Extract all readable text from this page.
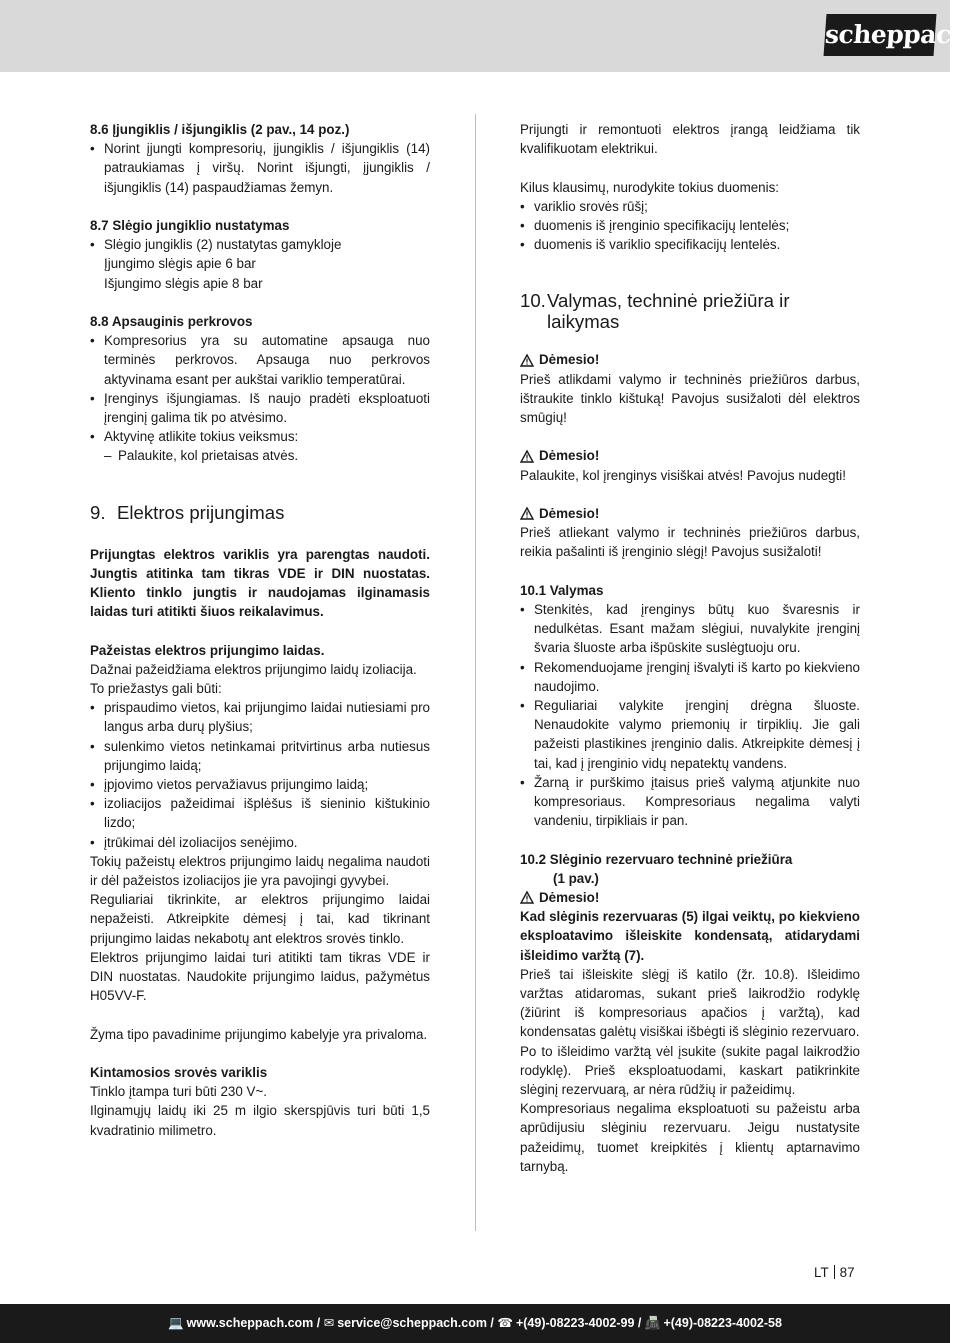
scheppach
8.6 Įjungiklis / išjungiklis (2 pav., 14 poz.)
• Norint įjungti kompresorių, įjungiklis / išjungiklis (14) patraukiamas į viršų. Norint išjungti, įjungiklis / išjungiklis (14) paspaudžiamas žemyn.
8.7 Slėgio jungiklio nustatymas
• Slėgio jungiklis (2) nustatytas gamykloje
Įjungimo slėgis apie 6 bar
Išjungimo slėgis apie 8 bar
8.8 Apsauginis perkrovos
• Kompresorius yra su automatine apsauga nuo terminės perkrovos. Apsauga nuo perkrovos aktyvinama esant per aukštai variklio temperatūrai.
• Įrenginys išjungiamas. Iš naujo pradėti eksploatuoti įrenginį galima tik po atvėsimo.
• Aktyvinę atlikite tokius veiksmus:
– Palaukite, kol prietaisas atvės.
9. Elektros prijungimas
Prijungtas elektros variklis yra parengtas naudoti. Jungtis atitinka tam tikras VDE ir DIN nuostatas. Kliento tinklo jungtis ir naudojamas ilginamasis laidas turi atitikti šiuos reikalavimus.
Pažeistas elektros prijungimo laidas.
Dažnai pažeidžiama elektros prijungimo laidų izoliacija.
To priežastys gali būti:
• prispaudimo vietos, kai prijungimo laidai nutiesiami pro langus arba durų plyšius;
• sulenkimo vietos netinkamai pritvirtinus arba nutiesus prijungimo laidą;
• įpjovimo vietos pervažiavus prijungimo laidą;
• izoliacijos pažeidimai išplėšus iš sieninio kištukinio lizdo;
• įtrūkimai dėl izoliacijos senėjimo.
Tokių pažeistų elektros prijungimo laidų negalima naudoti ir dėl pažeistos izoliacijos jie yra pavojingi gyvybei.
Reguliariai tikrinkite, ar elektros prijungimo laidai nepažeisti. Atkreipkite dėmesį į tai, kad tikrinant prijungimo laidas nekabotų ant elektros srovės tinklo.
Elektros prijungimo laidai turi atitikti tam tikras VDE ir DIN nuostatas. Naudokite prijungimo laidus, pažymėtus H05VV-F.
Žyma tipo pavadinime prijungimo kabelyje yra privaloma.
Kintamosios srovės variklis
Tinklo įtampa turi būti 230 V~.
Ilginamųjų laidų iki 25 m ilgio skerspjūvis turi būti 1,5 kvadratinio milimetro.
Prijungti ir remontuoti elektros įrangą leidžiama tik kvalifikuotam elektrikui.
Kilus klausimų, nurodykite tokius duomenis:
• variklio srovės rūšį;
• duomenis iš įrenginio specifikacijų lentelės;
• duomenis iš variklio specifikacijų lentelės.
10. Valymas, techninė priežiūra ir laikymas
Dėmesio!
Prieš atlikdami valymo ir techninės priežiūros darbus, ištraukite tinklo kištuką! Pavojus susižaloti dėl elektros smūgių!
Dėmesio!
Palaukite, kol įrenginys visiškai atvės! Pavojus nudegti!
Dėmesio!
Prieš atliekant valymo ir techninės priežiūros darbus, reikia pašalinti iš įrenginio slėgį! Pavojus susižaloti!
10.1 Valymas
• Stenkitės, kad įrenginys būtų kuo švaresnis ir nedulkėtas. Esant mažam slėgiui, nuvalykite įrenginį švaria šluoste arba išpūskite suslėgtuoju oru.
• Rekomenduojame įrenginį išvalyti iš karto po kiekvieno naudojimo.
• Reguliariai valykite įrenginį drėgna šluoste. Nenaudokite valymo priemonių ir tirpiklių. Jie gali pažeisti plastikines įrenginio dalis. Atkreipkite dėmesį į tai, kad į įrenginio vidų nepatektų vandens.
• Žarną ir purškimo įtaisus prieš valymą atjunkite nuo kompresoriaus. Kompresoriaus negalima valyti vandeniu, tirpikliais ir pan.
10.2 Slėginio rezervuaro techninė priežiūra
(1 pav.)
Dėmesio!
Kad slėginis rezervuaras (5) ilgai veiktų, po kiekvieno eksploatavimo išleiskite kondensatą, atidarydami išleidimo varžtą (7).
Prieš tai išleiskite slėgį iš katilo (žr. 10.8). Išleidimo varžtas atidaromas, sukant prieš laikrodžio rodyklę (žiūrint iš kompresoriaus apačios į varžtą), kad kondensatas galėtų visiškai išbėgti iš slėginio rezervuaro.
Po to išleidimo varžtą vėl įsukite (sukite pagal laikrodžio rodyklę). Prieš eksploatuodami, kaskart patikrinkite slėginį rezervuarą, ar nėra rūdžių ir pažeidimų.
Kompresoriaus negalima eksploatuoti su pažeistu arba aprūdijusiu slėginiu rezervuaru. Jeigu nustatysite pažeidimų, tuomet kreipkitės į klientų aptarnavimo tarnybą.
LT 87
💻 www.scheppach.com / ✉ service@scheppach.com / ☎ +(49)-08223-4002-99 / 📠 +(49)-08223-4002-58
